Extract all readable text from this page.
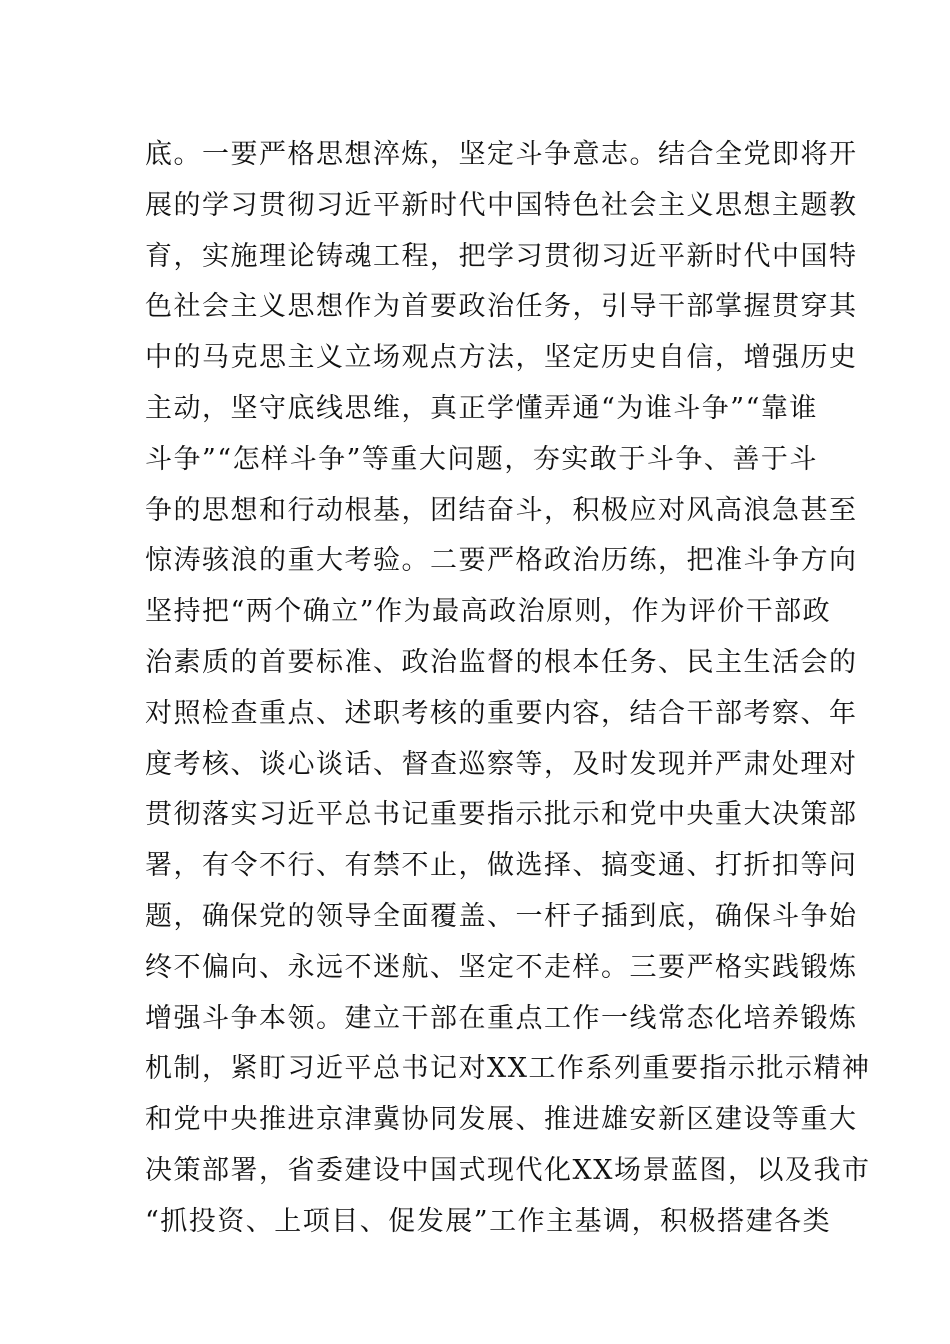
底。一要严格思想淬炼，坚定斗争意志。结合全党即将开
展的学习贯彻习近平新时代中国特色社会主义思想主题教
育，实施理论铸魂工程，把学习贯彻习近平新时代中国特
色社会主义思想作为首要政治任务，引导干部掌握贯穿其
中的马克思主义立场观点方法，坚定历史自信，增强历史
主动，坚守底线思维，真正学懂弄通“为谁斗争”“靠谁
斗争”“怎样斗争”等重大问题，夯实敢于斗争、善于斗
争的思想和行动根基，团结奋斗，积极应对风高浪急甚至
惊涛骇浪的重大考验。二要严格政治历练，把准斗争方向
坚持把“两个确立”作为最高政治原则，作为评价干部政
治素质的首要标准、政治监督的根本任务、民主生活会的
对照检查重点、述职考核的重要内容，结合干部考察、年
度考核、谈心谈话、督查巡察等，及时发现并严肃处理对
贯彻落实习近平总书记重要指示批示和党中央重大决策部
署，有令不行、有禁不止，做选择、搞变通、打折扣等问
题，确保党的领导全面覆盖、一杆子插到底，确保斗争始
终不偏向、永远不迷航、坚定不走样。三要严格实践锻炼
增强斗争本领。建立干部在重点工作一线常态化培养锻炼
机制，紧盯习近平总书记对XX工作系列重要指示批示精神
和党中央推进京津冀协同发展、推进雄安新区建设等重大
决策部署，省委建设中国式现代化XX场景蓝图，以及我市
“抓投资、上项目、促发展”工作主基调，积极搭建各类
